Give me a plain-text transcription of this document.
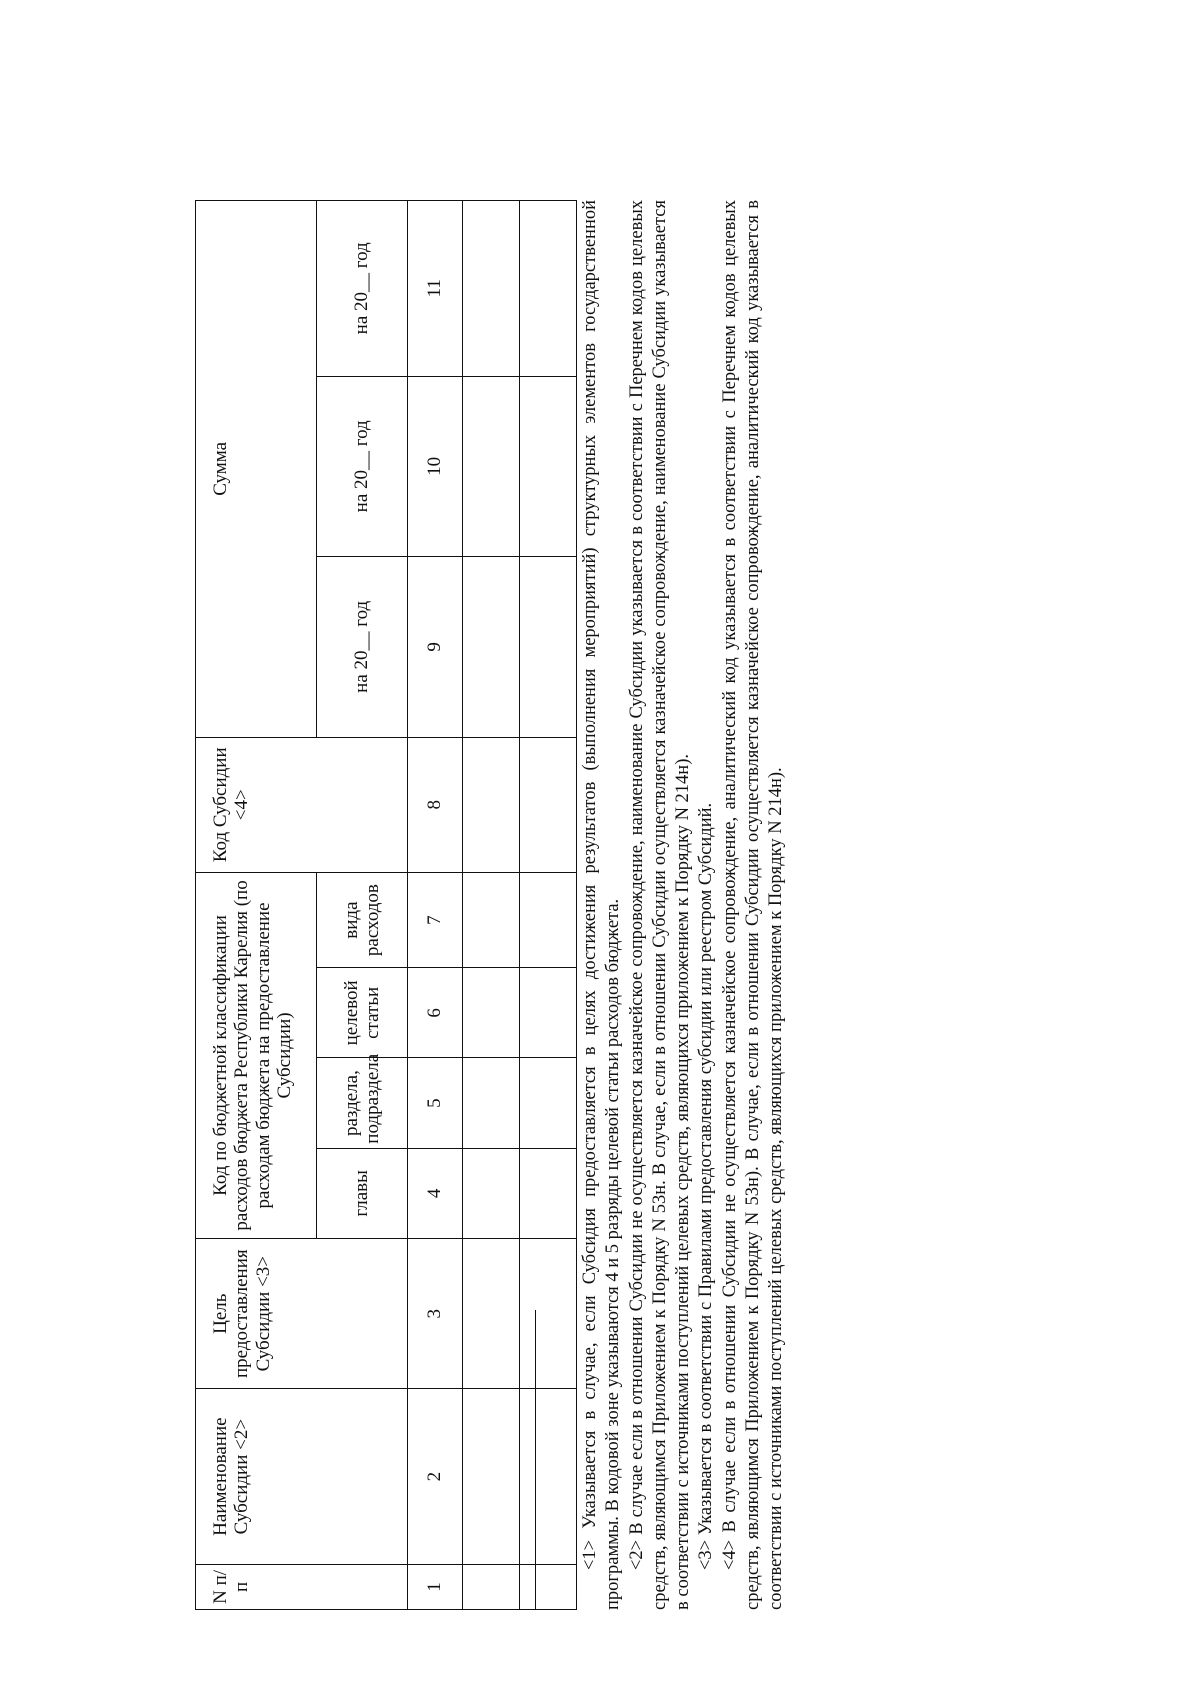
N п/п	Наименование Субсидии <2>	Цель предоставления Субсидии <3>	Код по бюджетной классификации расходов бюджета Республики Карелия (по расходам бюджета на предоставление Субсидии)				Код Субсидии <4>	Сумма		
			главы	раздела, подраздела	целевой статьи	вида расходов		на 20__ год	на 20__ год	на 20__ год
1	2	3	4	5	6	7	8	9	10	11

											<1> Указывается в случае, если Субсидия предоставляется в целях достижения результатов (выполнения мероприятий) структурных элементов государственной программы. В кодовой зоне указываются 4 и 5 разряды целевой статьи расходов бюджета. <2> В случае если в отношении Субсидии не осуществляется казначейское сопровождение, наименование Субсидии указывается в соответствии с Перечнем кодов целевых средств, являющимся Приложением к Порядку N 53н. В случае, если в отношении Субсидии осуществляется казначейское сопровождение, наименование Субсидии указывается в соответствии с источниками поступлений целевых средств, являющихся приложением к Порядку N 214н). <3> Указывается в соответствии с Правилами предоставления субсидии или реестром Субсидий. <4> В случае если в отношении Субсидии не осуществляется казначейское сопровождение, аналитический код указывается в соответствии с Перечнем кодов целевых средств, являющимся Приложением к Порядку N 53н). В случае, если в отношении Субсидии осуществляется казначейское сопровождение, аналитический код указывается в соответствии с источниками поступлений целевых средств, являющихся приложением к Порядку N 214н).
